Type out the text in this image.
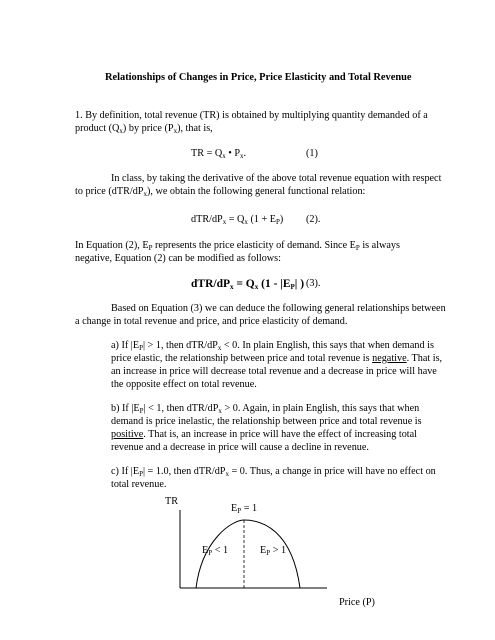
Relationships of Changes in Price, Price Elasticity and Total Revenue
1. By definition, total revenue (TR) is obtained by multiplying quantity demanded of a
product $(Q_x)$ by price $(P_x)$, that is,
TR = $Q_x$ • $P_x$.	(1)
In class, by taking the derivative of the above total revenue equation with respect
to price $(dTR/dP_x)$, we obtain the following general functional relation:
dTR/$dP_x = Q_x$ $(1 + E_P)$ (2).
In Equation (2), $E_P$ represents the price elasticity of demand. Since $E_P$ is always
negative, Equation (2) can be modified as follows:
dTR/$dP_x = Q_x$ ($1 - |E_P|$ ) (3).
Based on Equation (3) we can deduce the following general relationships between
a change in total revenue and price, and price elasticity of demand.
a) If $|E_P| > 1$, then dTR/$dP_x < 0$. In plain English, this says that when demand is
price elastic, the relationship between price and total revenue is negative. That is,
an increase in price will decrease total revenue and a decrease in price will have
the opposite effect on total revenue.
b) If $|E_P| < 1$, then dTR/$dP_x > 0$. Again, in plain English, this says that when
demand is price inelastic, the relationship between price and total revenue is
positive. That is, an increase in price will have the effect of increasing total
revenue and a decrease in price will cause a decline in revenue.
c) If $|E_P| = 1.0$, then dTR/$dP_x = 0$. Thus, a change in price will have no effect on
total revenue.
TR
$E_P = 1$
$E_P < 1$	$E_P > 1$
Price (P)
